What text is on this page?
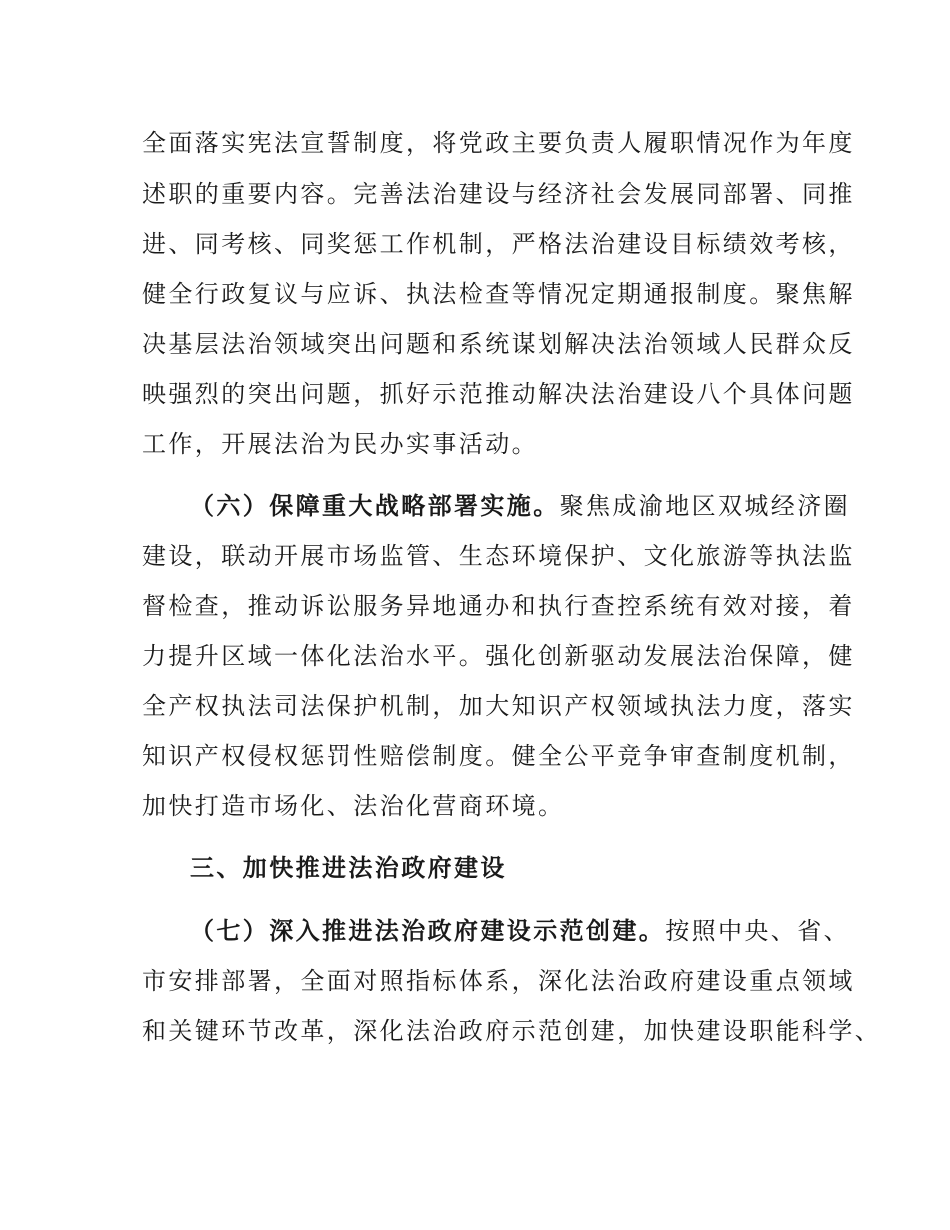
全面落实宪法宣誓制度，将党政主要负责人履职情况作为年度
述职的重要内容。完善法治建设与经济社会发展同部署、同推
进、同考核、同奖惩工作机制，严格法治建设目标绩效考核，
健全行政复议与应诉、执法检查等情况定期通报制度。聚焦解
决基层法治领域突出问题和系统谋划解决法治领域人民群众反
映强烈的突出问题，抓好示范推动解决法治建设八个具体问题
工作，开展法治为民办实事活动。
（六）保障重大战略部署实施。聚焦成渝地区双城经济圈
建设，联动开展市场监管、生态环境保护、文化旅游等执法监
督检查，推动诉讼服务异地通办和执行查控系统有效对接，着
力提升区域一体化法治水平。强化创新驱动发展法治保障，健
全产权执法司法保护机制，加大知识产权领域执法力度，落实
知识产权侵权惩罚性赔偿制度。健全公平竞争审查制度机制，
加快打造市场化、法治化营商环境。
三、加快推进法治政府建设
（七）深入推进法治政府建设示范创建。按照中央、省、
市安排部署，全面对照指标体系，深化法治政府建设重点领域
和关键环节改革，深化法治政府示范创建，加快建设职能科学、
